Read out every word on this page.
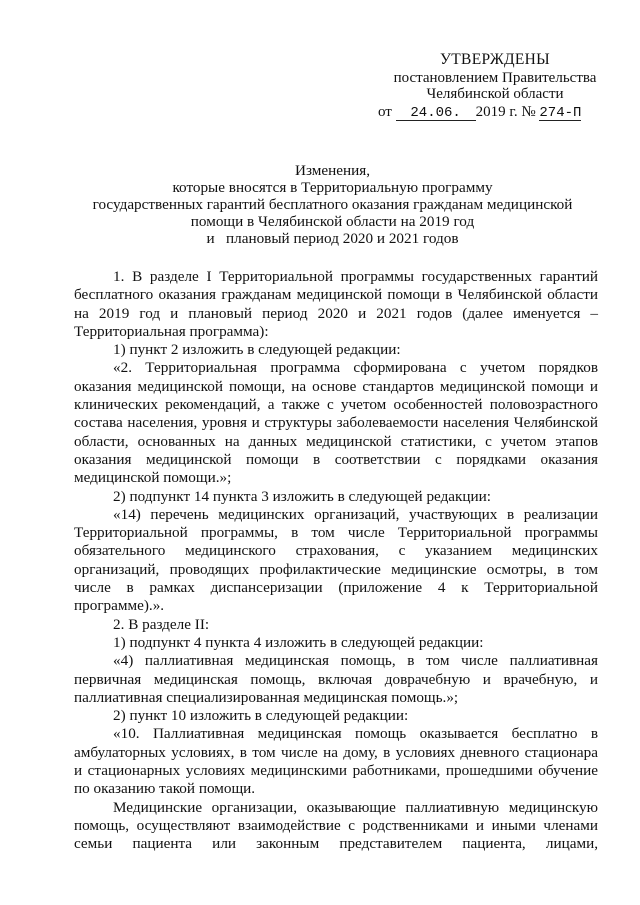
УТВЕРЖДЕНЫ
постановлением Правительства
Челябинской области
от 24.06. 2019 г. № 274-П
Изменения,
которые вносятся в Территориальную программу
государственных гарантий бесплатного оказания гражданам медицинской
помощи в Челябинской области на 2019 год
и   плановый период 2020 и 2021 годов

1. В разделе I Территориальной программы государственных гарантий

бесплатного оказания гражданам медицинской помощи в Челябинской области

на 2019 год и плановый период 2020 и 2021 годов (далее именуется –

Территориальная программа):

1) пункт 2 изложить в следующей редакции:

«2. Территориальная программа сформирована с учетом порядков

оказания медицинской помощи, на основе стандартов медицинской помощи и

клинических рекомендаций, а также с учетом особенностей половозрастного

состава населения, уровня и структуры заболеваемости населения Челябинской

области, основанных на данных медицинской статистики, с учетом этапов

оказания медицинской помощи в соответствии с порядками оказания

медицинской помощи.»;

2) подпункт 14 пункта 3 изложить в следующей редакции:

«14) перечень медицинских организаций, участвующих в реализации

Территориальной программы, в том числе Территориальной программы

обязательного медицинского страхования, с указанием медицинских

организаций, проводящих профилактические медицинские осмотры, в том

числе в рамках диспансеризации (приложение 4 к Территориальной

программе).».

2. В разделе II:

1) подпункт 4 пункта 4 изложить в следующей редакции:

«4) паллиативная медицинская помощь, в том числе паллиативная

первичная медицинская помощь, включая доврачебную и врачебную, и

паллиативная специализированная медицинская помощь.»;

2) пункт 10 изложить в следующей редакции:

«10. Паллиативная медицинская помощь оказывается бесплатно в

амбулаторных условиях, в том числе на дому, в условиях дневного стационара

и стационарных условиях медицинскими работниками, прошедшими обучение

по оказанию такой помощи.

Медицинские организации, оказывающие паллиативную медицинскую

помощь, осуществляют взаимодействие с родственниками и иными членами

семьи пациента или законным представителем пациента, лицами,
